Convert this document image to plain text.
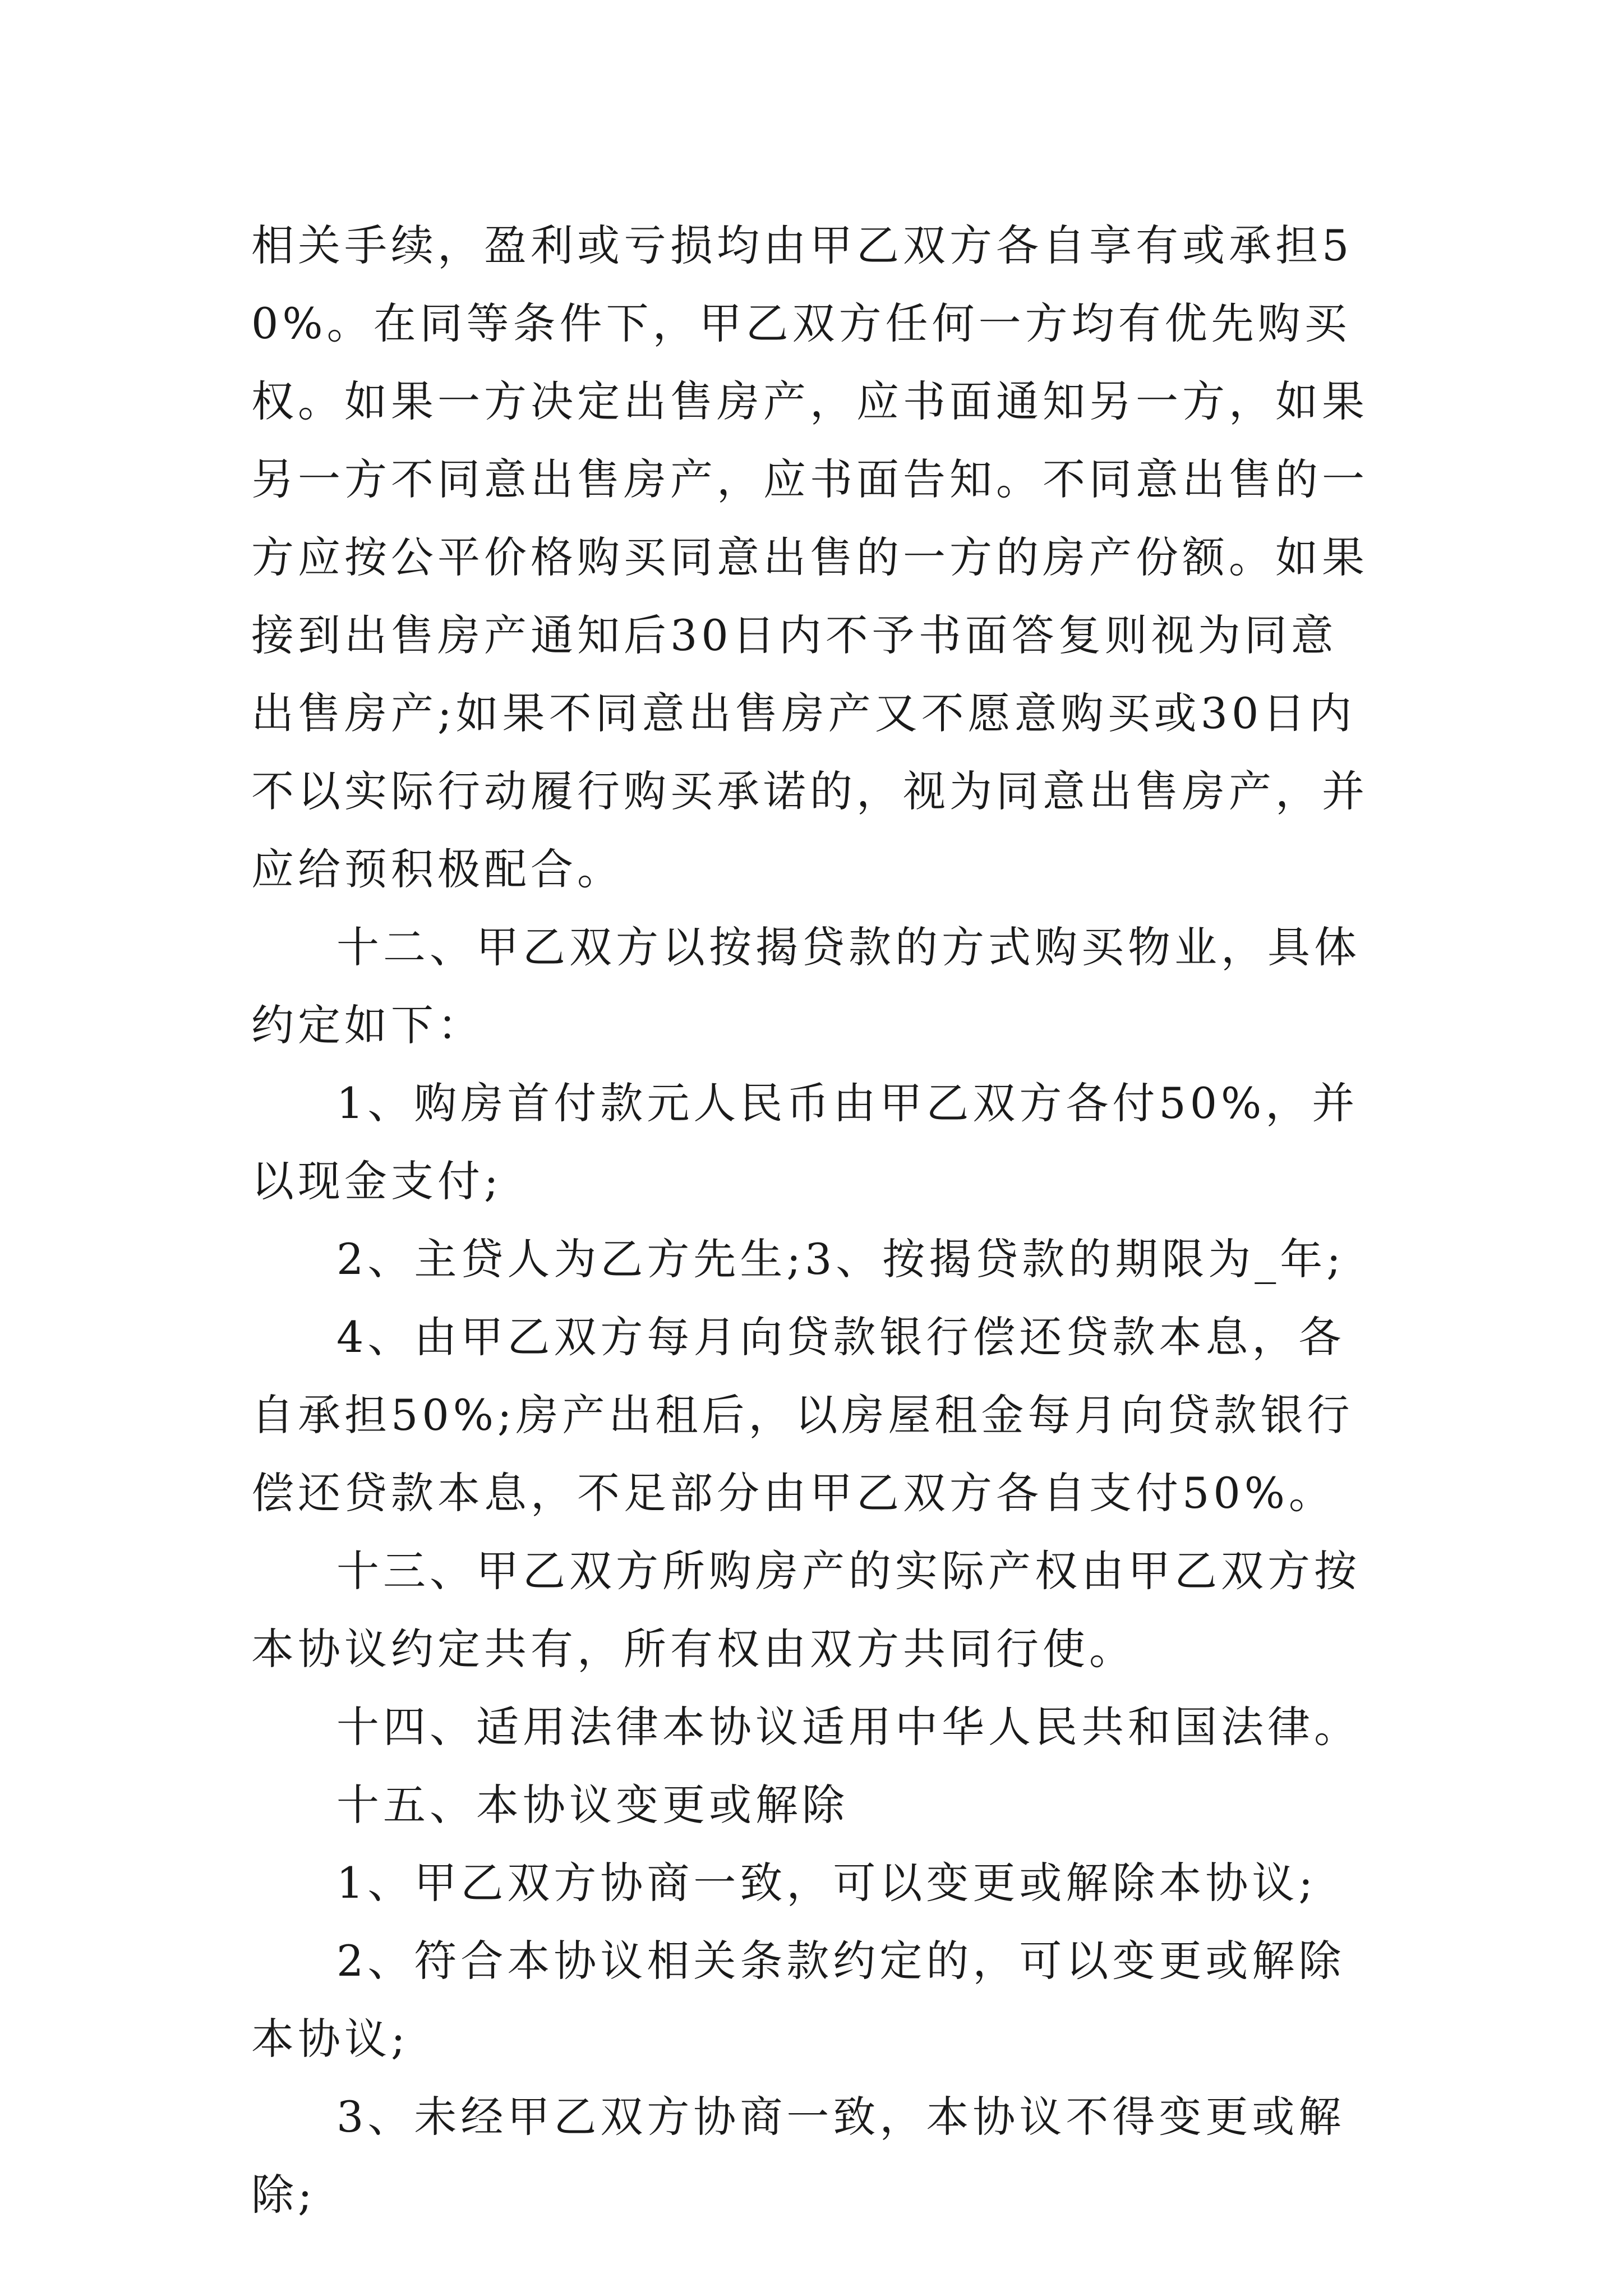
相关手续，盈利或亏损均由甲乙双方各自享有或承担50%。在同等条件下，甲乙双方任何一方均有优先购买权。如果一方决定出售房产，应书面通知另一方，如果另一方不同意出售房产，应书面告知。不同意出售的一方应按公平价格购买同意出售的一方的房产份额。如果接到出售房产通知后30日内不予书面答复则视为同意出售房产;如果不同意出售房产又不愿意购买或30日内不以实际行动履行购买承诺的，视为同意出售房产，并应给预积极配合。

十二、甲乙双方以按揭贷款的方式购买物业，具体约定如下：

1、购房首付款元人民币由甲乙双方各付50%，并以现金支付;

2、主贷人为乙方先生;3、按揭贷款的期限为_年;

4、由甲乙双方每月向贷款银行偿还贷款本息，各自承担50%;房产出租后，以房屋租金每月向贷款银行偿还贷款本息，不足部分由甲乙双方各自支付50%。

十三、甲乙双方所购房产的实际产权由甲乙双方按本协议约定共有，所有权由双方共同行使。

十四、适用法律本协议适用中华人民共和国法律。

十五、本协议变更或解除

1、甲乙双方协商一致，可以变更或解除本协议;

2、符合本协议相关条款约定的，可以变更或解除本协议;

3、未经甲乙双方协商一致，本协议不得变更或解除;
